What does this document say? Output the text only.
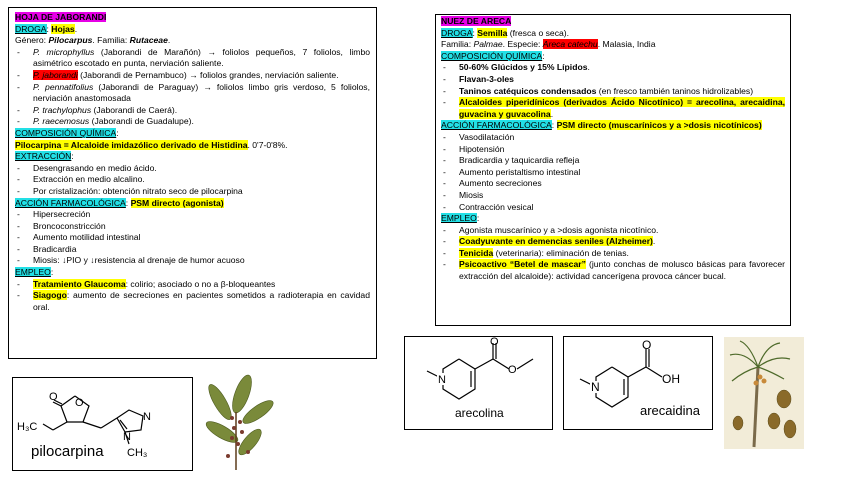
HOJA DE JABORANDI

DROGA: Hojas.

Género: Pilocarpus. Familia: Rutaceae.

- P. microphyllus (Jaborandi de Marañón) → foliolos pequeños, 7 foliolos, limbo asimétrico escotado en punta, nerviación saliente.

- P. jaborandi (Jaborandi de Pernambuco) → foliolos grandes, nerviación saliente.

- P. pennatifolius (Jaborandi de Paraguay) → foliolos limbo gris verdoso, 5 foliolos, nerviación anastomosada

- P. trachylophus (Jaborandi de Caerá).

- P. raecemosus (Jaborandi de Guadalupe).

COMPOSICIÓN QUÍMICA:

Pilocarpina = Alcaloide imidazólico derivado de Histidina. 0'7-0'8%.

EXTRACCIÓN:

- Desengrasando en medio ácido.

- Extracción en medio alcalino.

- Por cristalización: obtención nitrato seco de pilocarpina

ACCIÓN FARMACOLÓGICA: PSM directo (agonista)

- Hipersecreción

- Broncoconstricción

- Aumento motilidad intestinal

- Bradicardia

- Miosis: ↓PIO y ↓resistencia al drenaje de humor acuoso

EMPLEO:

- Tratamiento Glaucoma: colirio; asociado o no a β-bloqueantes

- Siagogo: aumento de secreciones en pacientes sometidos a radioterapia en cavidad oral.

NUEZ DE ARECA

DROGA: Semilla (fresca o seca).

Familia: Palmae. Especie: Areca catechu. Malasia, India

COMPOSICIÓN QUÍMICA:

- 50-60% Glúcidos y 15% Lípidos.

- Flavan-3-oles

- Taninos catéquicos condensados (en fresco también taninos hidrolizables)

- Alcaloides piperidínicos (derivados Ácido Nicotínico) = arecolina, arecaidina, guvacina y guvacolina.

ACCIÓN FARMACOLÓGICA: PSM directo (muscarínicos y a >dosis nicotínicos)

- Vasodilatación

- Hipotensión

- Bradicardia y taquicardia refleja

- Aumento peristaltismo intestinal

- Aumento secreciones

- Miosis

- Contracción vesical

EMPLEO:

- Agonista muscarínico y a >dosis agonista nicotínico.

- Coadyuvante en demencias seniles (Alzheimer).

- Tenicida (veterinaria): eliminación de tenias.

- Psicoactivo “Betel de mascar” (junto conchas de molusco básicas para favorecer extracción del alcaloide): actividad cancerígena provoca cáncer bucal.

O O
H₃C
N
N
CH₃
pilocarpina
N
O
O
arecolina
N
O
OH
arecaidina
